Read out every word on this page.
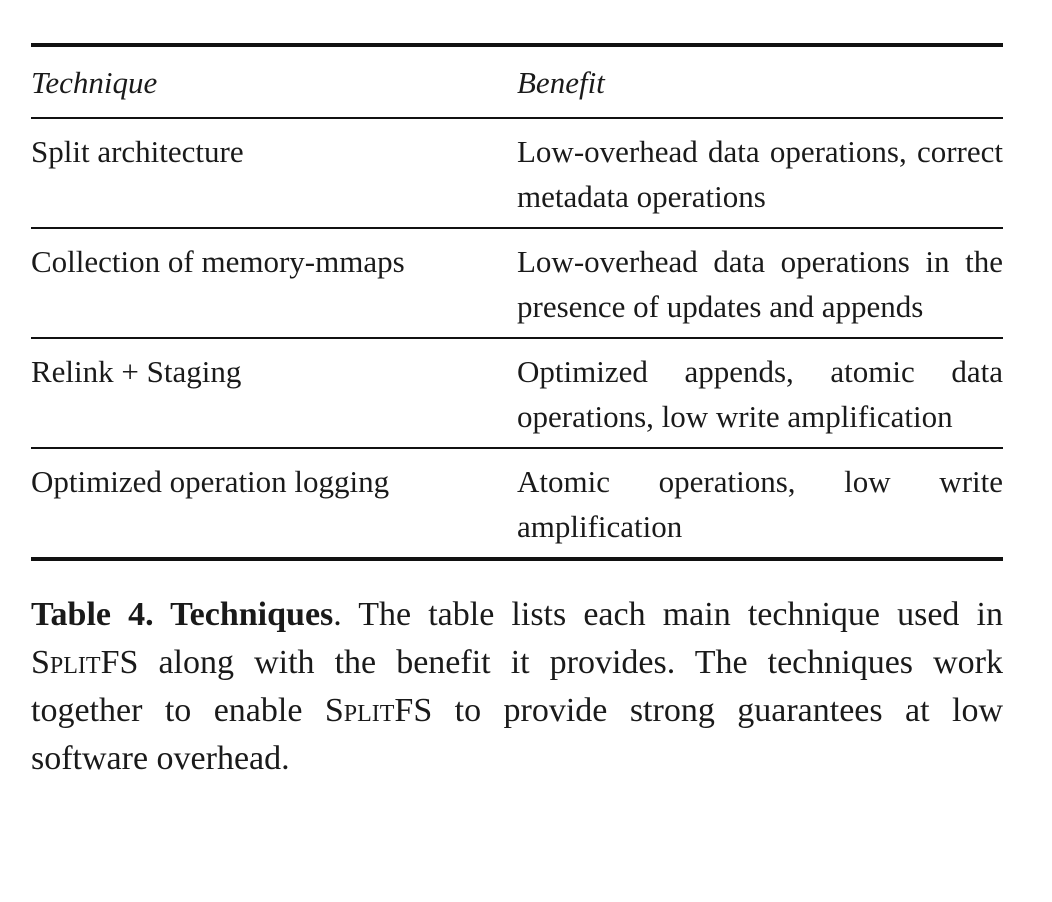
Technique	Benefit
Split architecture	Low-overhead data operations, correct metadata operations
Collection of memory-mmaps	Low-overhead data operations in the presence of updates and appends
Relink + Staging	Optimized appends, atomic data operations, low write amplification
Optimized operation logging	Atomic operations, low write amplification

Table 4. Techniques. The table lists each main technique used in SplitFS along with the benefit it provides. The techniques work together to enable SplitFS to provide strong guarantees at low software overhead.
